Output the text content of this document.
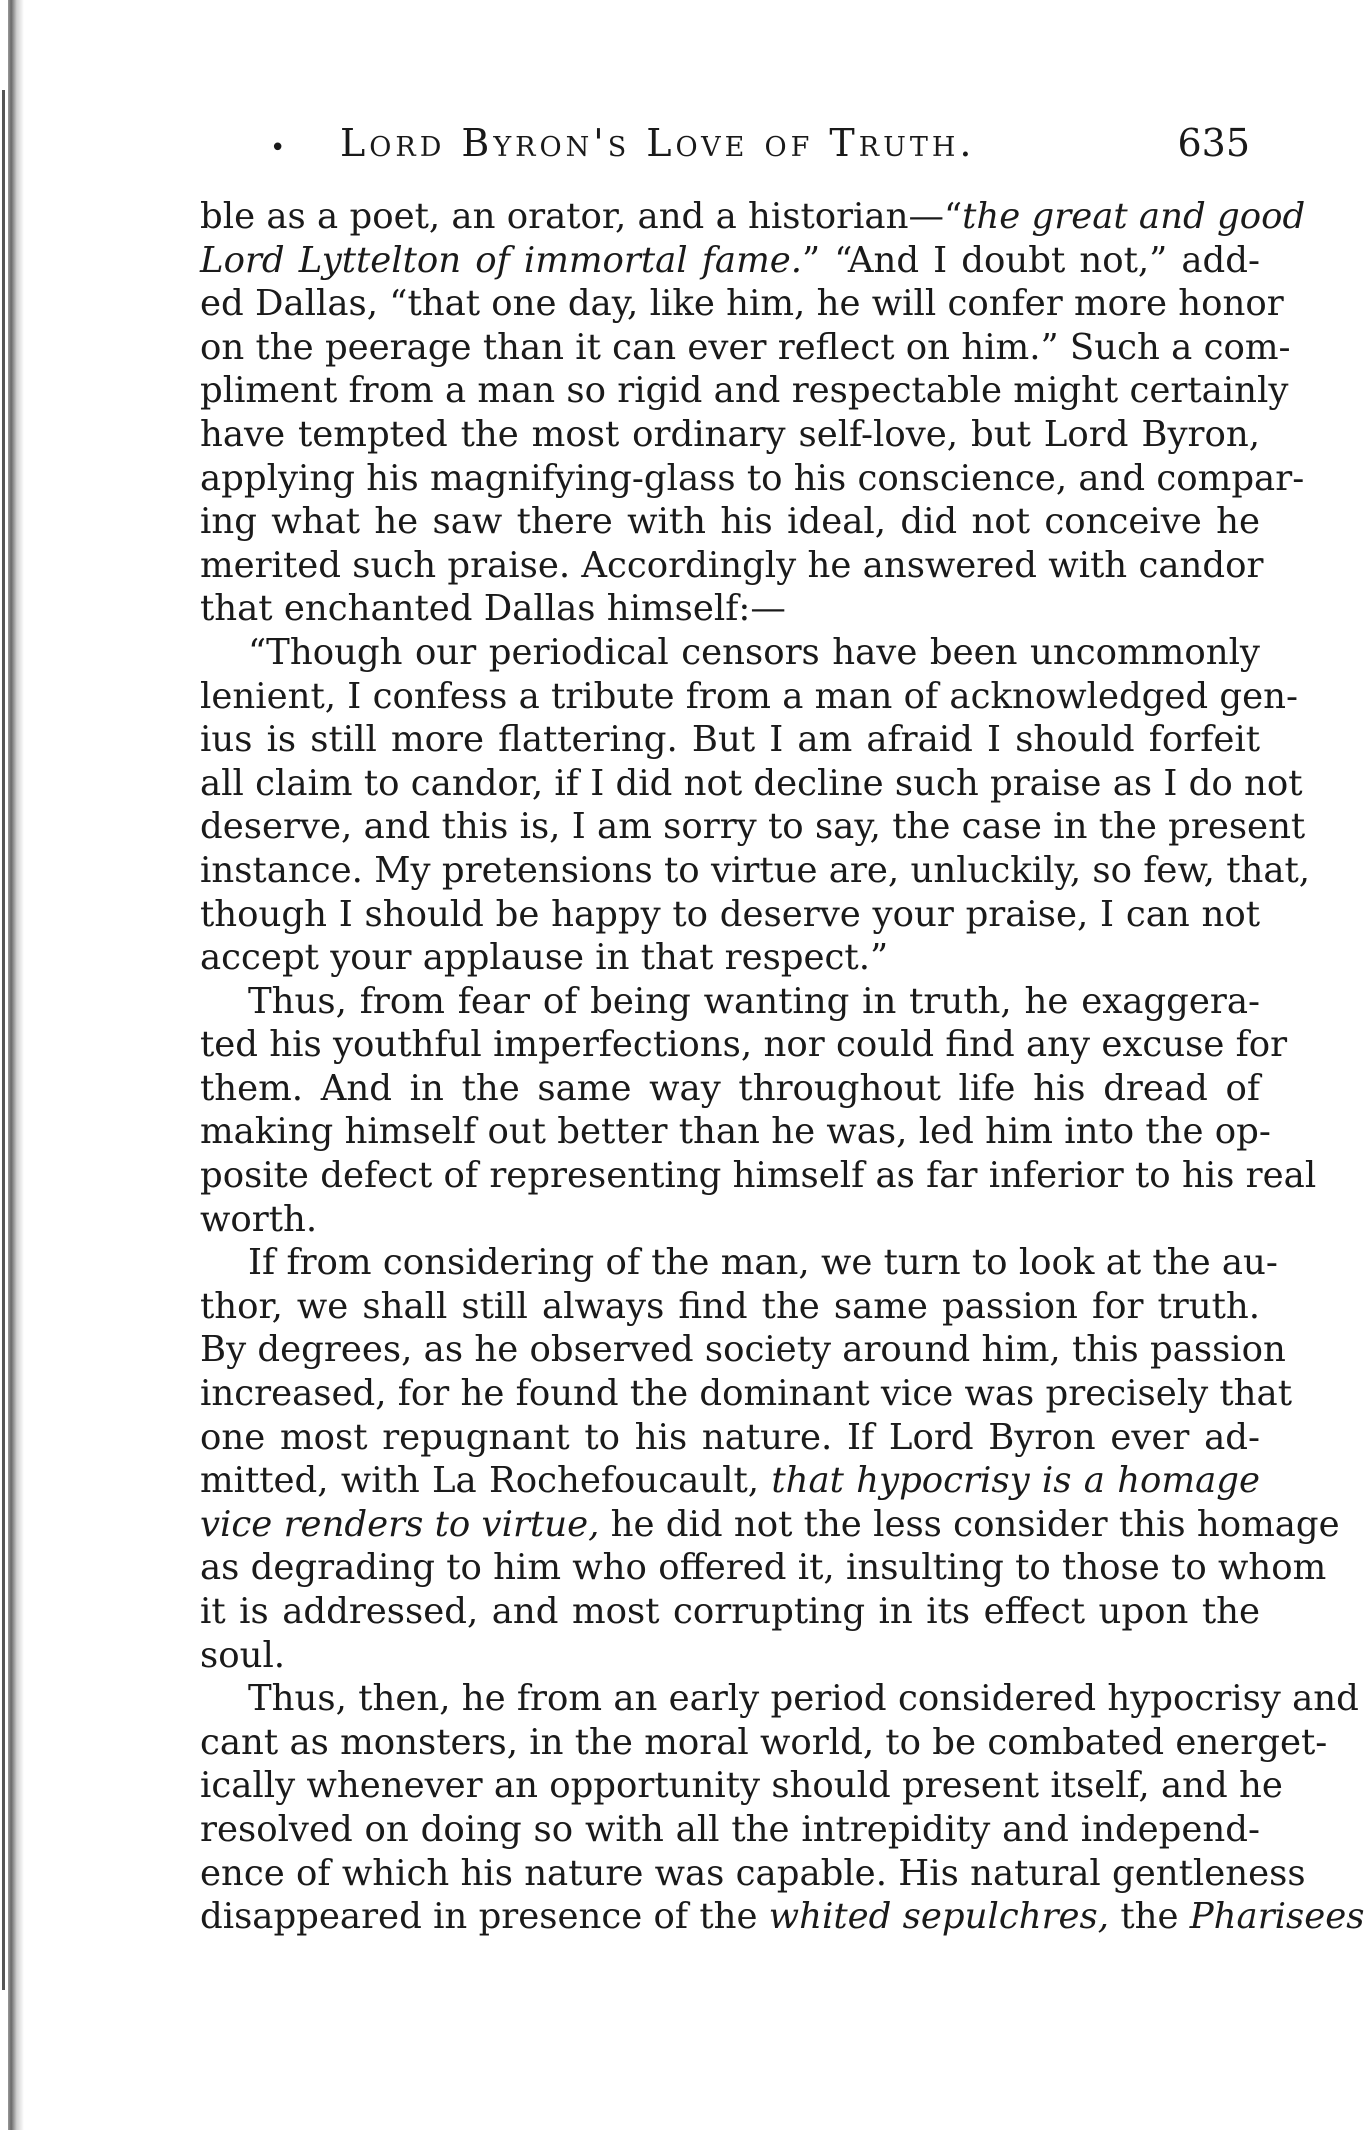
• Lord Byron's Love of Truth.	635
ble as a poet, an orator, and a historian—“the great and good
Lord Lyttelton of immortal fame.” “And I doubt not,” add-
ed Dallas, “that one day, like him, he will confer more honor
on the peerage than it can ever reflect on him.” Such a com-
pliment from a man so rigid and respectable might certainly
have tempted the most ordinary self-love, but Lord Byron,
applying his magnifying-glass to his conscience, and compar-
ing what he saw there with his ideal, did not conceive he
merited such praise. Accordingly he answered with candor
that enchanted Dallas himself:—
“Though our periodical censors have been uncommonly
lenient, I confess a tribute from a man of acknowledged gen-
ius is still more flattering. But I am afraid I should forfeit
all claim to candor, if I did not decline such praise as I do not
deserve, and this is, I am sorry to say, the case in the present
instance. My pretensions to virtue are, unluckily, so few, that,
though I should be happy to deserve your praise, I can not
accept your applause in that respect.”
Thus, from fear of being wanting in truth, he exaggera-
ted his youthful imperfections, nor could find any excuse for
them. And in the same way throughout life his dread of
making himself out better than he was, led him into the op-
posite defect of representing himself as far inferior to his real
worth.
If from considering of the man, we turn to look at the au-
thor, we shall still always find the same passion for truth.
By degrees, as he observed society around him, this passion
increased, for he found the dominant vice was precisely that
one most repugnant to his nature. If Lord Byron ever ad-
mitted, with La Rochefoucault, that hypocrisy is a homage
vice renders to virtue, he did not the less consider this homage
as degrading to him who offered it, insulting to those to whom
it is addressed, and most corrupting in its effect upon the
soul.
Thus, then, he from an early period considered hypocrisy and
cant as monsters, in the moral world, to be combated energet-
ically whenever an opportunity should present itself, and he
resolved on doing so with all the intrepidity and independ-
ence of which his nature was capable. His natural gentleness
disappeared in presence of the whited sepulchres, the Pharisees
